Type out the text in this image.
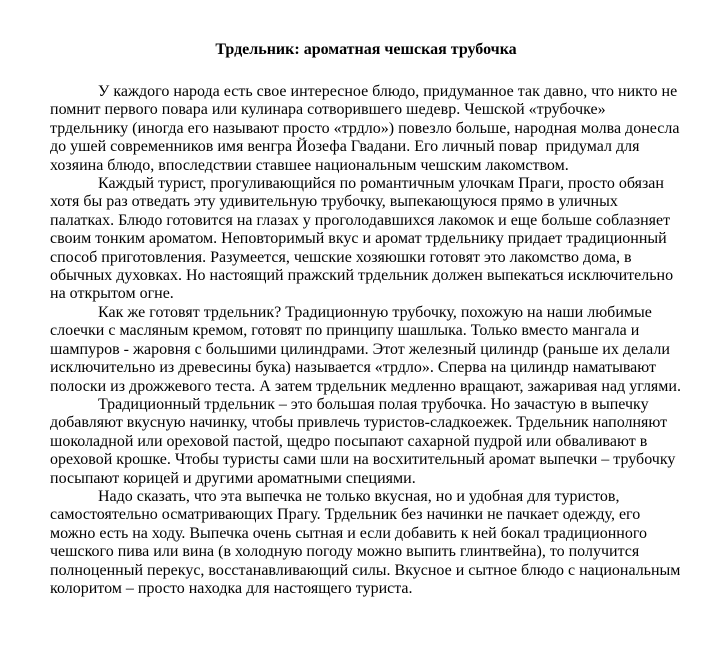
Трдельник: ароматная чешская трубочка

У каждого народа есть свое интересное блюдо, придуманное так давно, что никто не помнит первого повара или кулинара сотворившего шедевр. Чешской «трубочке» трдельнику (иногда его называют просто «трдло») повезло больше, народная молва донесла до ушей современников имя венгра Йозефа Гвадани. Его личный повар  придумал для хозяина блюдо, впоследствии ставшее национальным чешским лакомством.

Каждый турист, прогуливающийся по романтичным улочкам Праги, просто обязан хотя бы раз отведать эту удивительную трубочку, выпекающуюся прямо в уличных палатках. Блюдо готовится на глазах у проголодавшихся лакомок и еще больше соблазняет своим тонким ароматом. Неповторимый вкус и аромат трдельнику придает традиционный способ приготовления. Разумеется, чешские хозяюшки готовят это лакомство дома, в обычных духовках. Но настоящий пражский трдельник должен выпекаться исключительно на открытом огне.

Как же готовят трдельник? Традиционную трубочку, похожую на наши любимые слоечки с масляным кремом, готовят по принципу шашлыка. Только вместо мангала и шампуров - жаровня с большими цилиндрами. Этот железный цилиндр (раньше их делали исключительно из древесины бука) называется «трдло». Сперва на цилиндр наматывают полоски из дрожжевого теста. А затем трдельник медленно вращают, зажаривая над углями.

Традиционный трдельник – это большая полая трубочка. Но зачастую в выпечку добавляют вкусную начинку, чтобы привлечь туристов-сладкоежек. Трдельник наполняют шоколадной или ореховой пастой, щедро посыпают сахарной пудрой или обваливают в ореховой крошке. Чтобы туристы сами шли на восхитительный аромат выпечки – трубочку посыпают корицей и другими ароматными специями.

Надо сказать, что эта выпечка не только вкусная, но и удобная для туристов, самостоятельно осматривающих Прагу. Трдельник без начинки не пачкает одежду, его можно есть на ходу. Выпечка очень сытная и если добавить к ней бокал традиционного чешского пива или вина (в холодную погоду можно выпить глинтвейна), то получится полноценный перекус, восстанавливающий силы. Вкусное и сытное блюдо с национальным колоритом – просто находка для настоящего туриста.
